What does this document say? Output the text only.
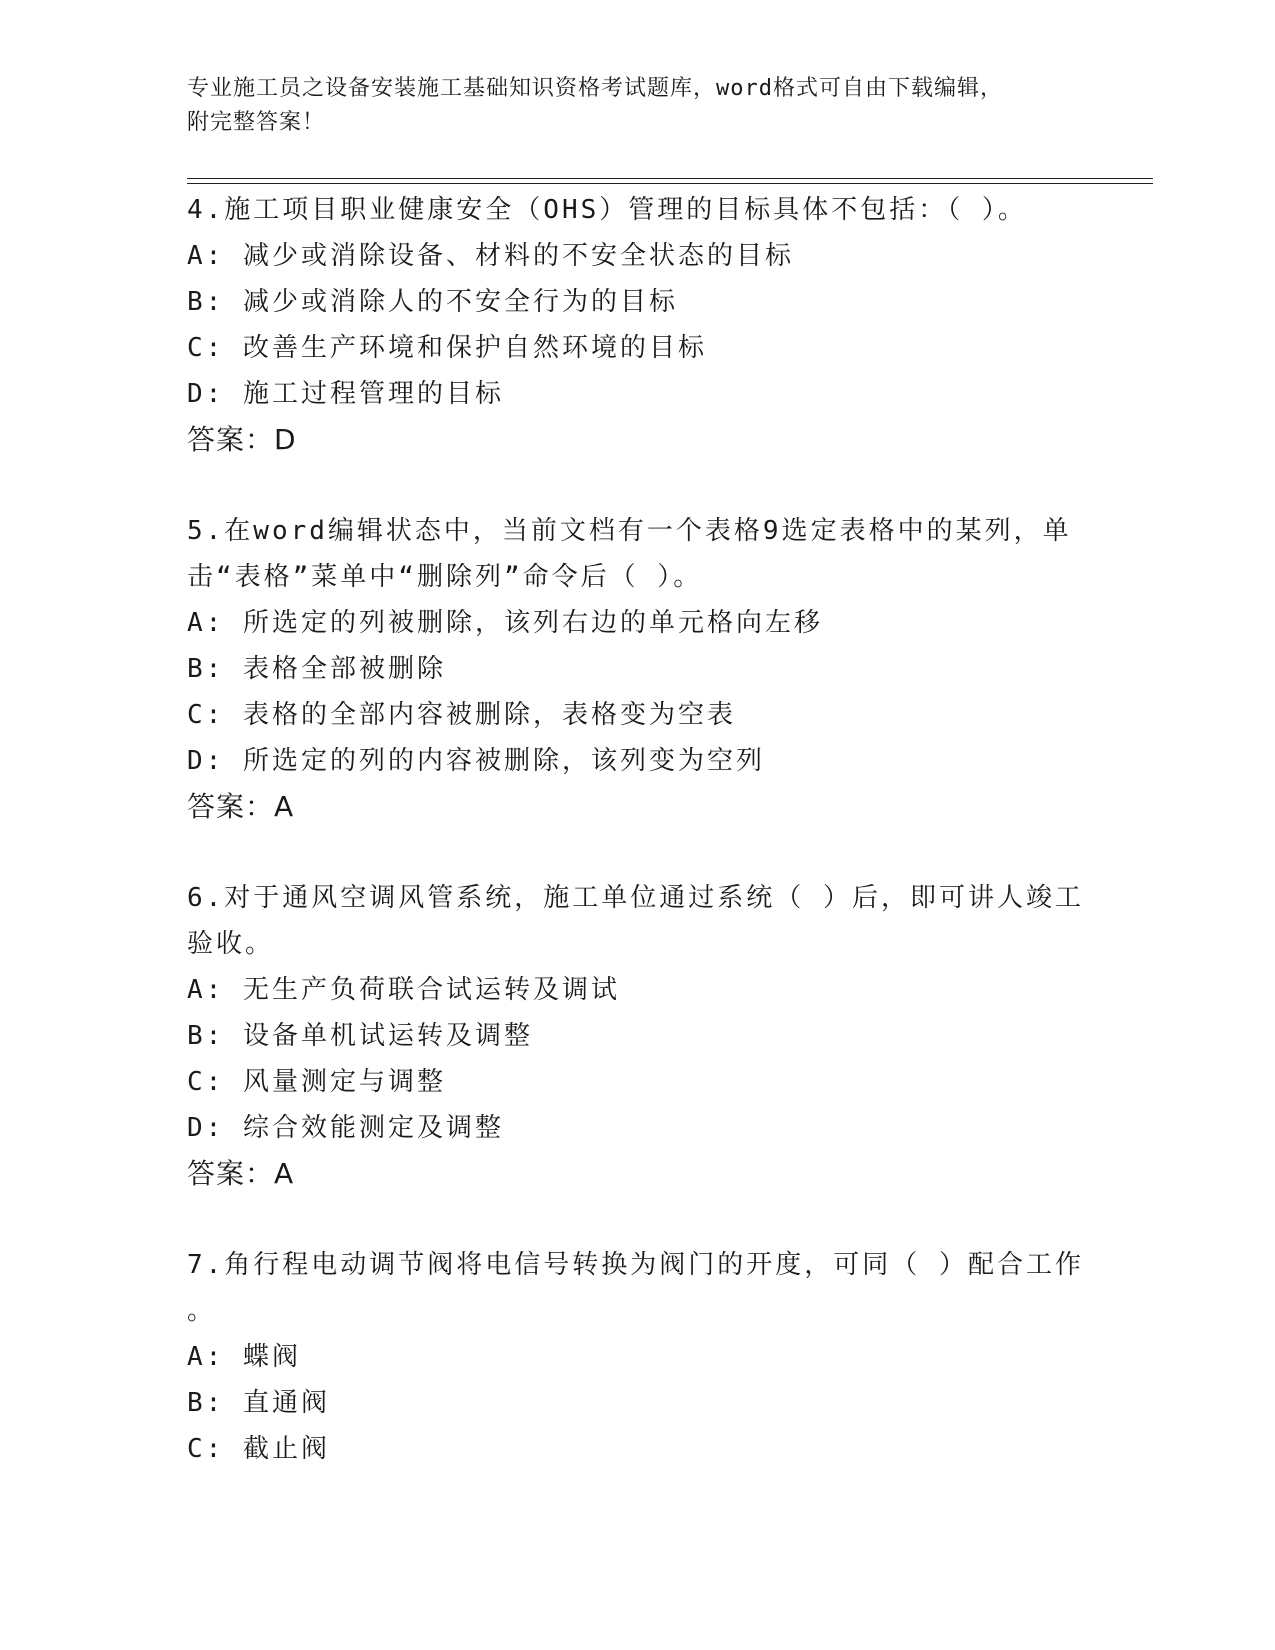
专业施工员之设备安装施工基础知识资格考试题库，word格式可自由下载编辑，
附完整答案！
4.施工项目职业健康安全（OHS）管理的目标具体不包括：（ ）。
A: 减少或消除设备、材料的不安全状态的目标
B: 减少或消除人的不安全行为的目标
C: 改善生产环境和保护自然环境的目标
D: 施工过程管理的目标
答案：D
5.在word编辑状态中，当前文档有一个表格9选定表格中的某列，单
击“表格”菜单中“删除列”命令后（ ）。
A: 所选定的列被删除，该列右边的单元格向左移
B: 表格全部被删除
C: 表格的全部内容被删除，表格变为空表
D: 所选定的列的内容被删除，该列变为空列
答案：A
6.对于通风空调风管系统，施工单位通过系统（ ）后，即可讲人竣工
验收。
A: 无生产负荷联合试运转及调试
B: 设备单机试运转及调整
C: 风量测定与调整
D: 综合效能测定及调整
答案：A
7.角行程电动调节阀将电信号转换为阀门的开度，可同（ ）配合工作
。
A: 蝶阀
B: 直通阀
C: 截止阀
